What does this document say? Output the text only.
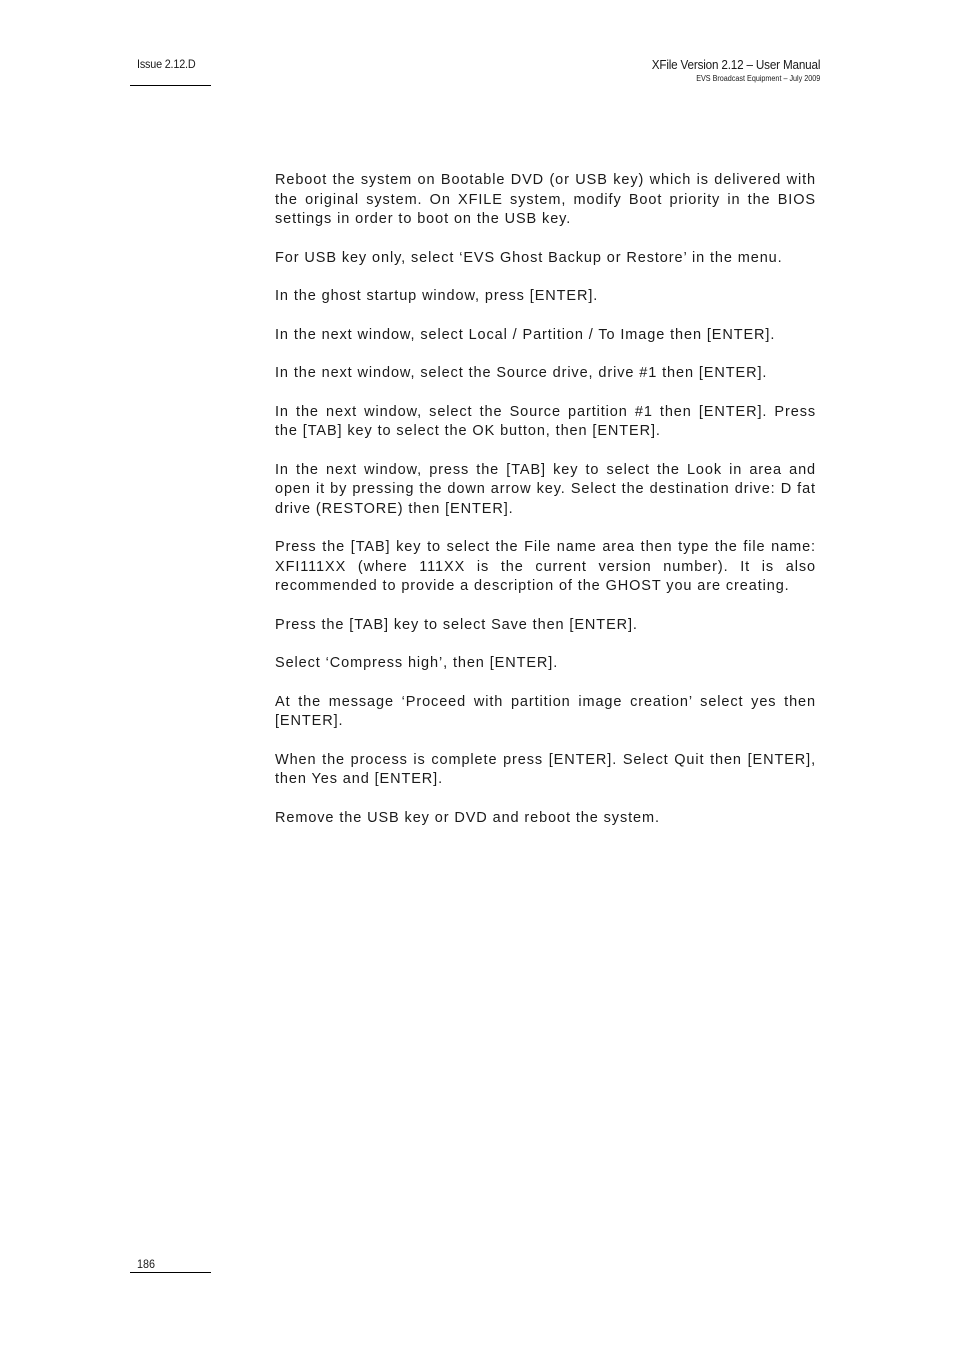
Issue 2.12.D	XFile Version 2.12 – User Manual
EVS Broadcast Equipment – July 2009

Reboot the system on Bootable DVD (or USB key) which is delivered with the original system. On XFILE system, modify Boot priority in the BIOS settings in order to boot on the USB key.

For USB key only, select ‘EVS Ghost Backup or Restore’ in the menu.

In the ghost startup window, press [ENTER].

In the next window, select Local / Partition / To Image then [ENTER].

In the next window, select the Source drive, drive #1 then [ENTER].

In the next window, select the Source partition #1 then [ENTER]. Press the [TAB] key to select the OK button, then [ENTER].

In the next window, press the [TAB] key to select the Look in area and open it by pressing the down arrow key. Select the destination drive: D fat drive (RESTORE) then [ENTER].

Press the [TAB] key to select the File name area then type the file name: XFI111XX (where 111XX is the current version number). It is also recommended to provide a description of the GHOST you are creating.

Press the [TAB] key to select Save then [ENTER].

Select ‘Compress high’, then [ENTER].

At the message ‘Proceed with partition image creation’ select yes then [ENTER].

When the process is complete press [ENTER]. Select Quit then [ENTER], then Yes and [ENTER].

Remove the USB key or DVD and reboot the system.

186
